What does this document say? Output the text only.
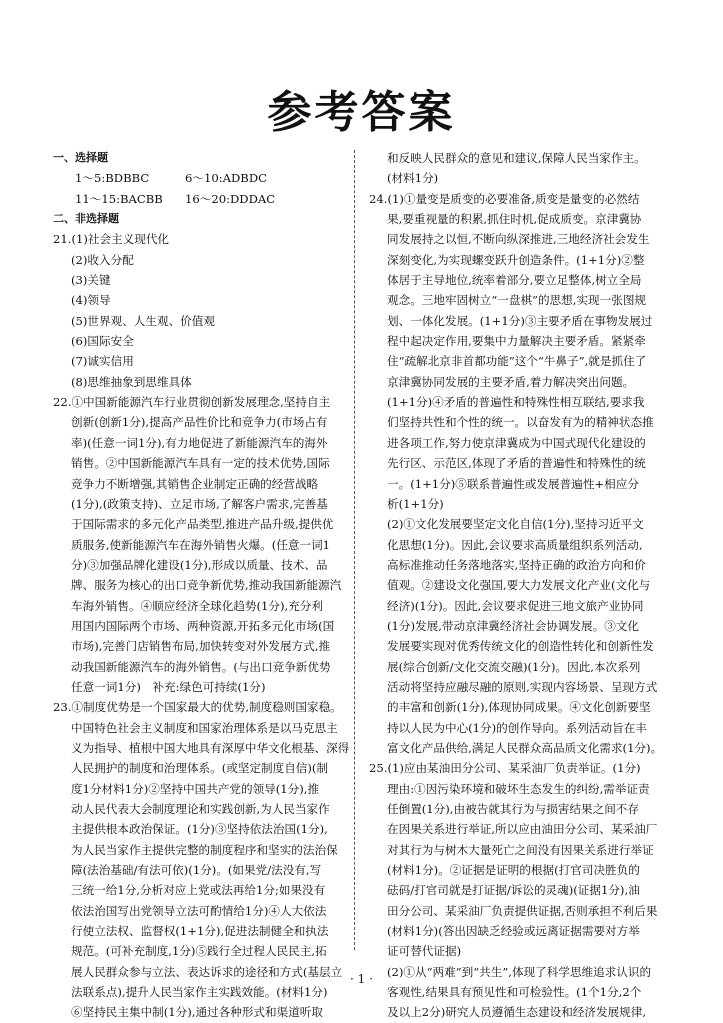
参考答案
一、选择题
1～5:BDBBC	6～10:ADBDC
11～15:BACBB 16～20:DDDAC
二、非选择题
21.(1)社会主义现代化
(2)收入分配
(3)关键
(4)领导
(5)世界观、人生观、价值观
(6)国际安全
(7)诚实信用
(8)思维抽象到思维具体
22.①中国新能源汽车行业贯彻创新发展理念,坚持自主
创新(创新1分),提高产品性价比和竞争力(市场占有
率)(任意一词1分),有力地促进了新能源汽车的海外
销售。②中国新能源汽车具有一定的技术优势,国际
竞争力不断增强,其销售企业制定正确的经营战略
(1分),(政策支持)、立足市场,了解客户需求,完善基
于国际需求的多元化产品类型,推进产品升级,提供优
质服务,使新能源汽车在海外销售火爆。(任意一词1
分)③加强品牌化建设(1分),形成以质量、技术、品
牌、服务为核心的出口竞争新优势,推动我国新能源汽
车海外销售。④顺应经济全球化趋势(1分),充分利
用国内国际两个市场、两种资源,开拓多元化市场(国
市场),完善门店销售布局,加快转变对外发展方式,推
动我国新能源汽车的海外销售。(与出口竞争新优势
任意一词1分)　补充:绿色可持续(1分)
23.①制度优势是一个国家最大的优势,制度稳则国家稳。
中国特色社会主义制度和国家治理体系是以马克思主
义为指导、植根中国大地具有深厚中华文化根基、深得
人民拥护的制度和治理体系。(或坚定制度自信)(制
度1分材料1分)②坚持中国共产党的领导(1分),推
动人民代表大会制度理论和实践创新,为人民当家作
主提供根本政治保证。(1分)③坚持依法治国(1分),
为人民当家作主提供完整的制度程序和坚实的法治保
障(法治基础/有法可依)(1分)。(如果党/法没有,写
三统一给1分,分析对应上党或法再给1分;如果没有
依法治国写出党领导立法可酌情给1分)④人大依法
行使立法权、监督权(1+1分),促进法制健全和执法
规范。(可补充制度,1分)⑤践行全过程人民民主,拓
展人民群众参与立法、表达诉求的途径和方式(基层立
法联系点),提升人民当家作主实践效能。(材料1分)
⑥坚持民主集中制(1分),通过各种形式和渠道听取
和反映人民群众的意见和建议,保障人民当家作主。
(材料1分)
24.(1)①量变是质变的必要准备,质变是量变的必然结
果,要重视量的积累,抓住时机,促成质变。京津冀协
同发展持之以恒,不断向纵深推进,三地经济社会发生
深刻变化,为实现螺变跃升创造条件。(1+1分)②整
体居于主导地位,统率着部分,要立足整体,树立全局
观念。三地牢固树立“一盘棋”的思想,实现一张图规
划、一体化发展。(1+1分)③主要矛盾在事物发展过
程中起决定作用,要集中力量解决主要矛盾。紧紧牵
住“疏解北京非首都功能”这个“牛鼻子”,就是抓住了
京津冀协同发展的主要矛盾,着力解决突出问题。
(1+1分)④矛盾的普遍性和特殊性相互联结,要求我
们坚持共性和个性的统一。以奋发有为的精神状态推
进各项工作,努力使京津冀成为中国式现代化建设的
先行区、示范区,体现了矛盾的普遍性和特殊性的统
一。(1+1分)⑤联系普遍性或发展普遍性+相应分
析(1+1分)
(2)①文化发展要坚定文化自信(1分),坚持习近平文
化思想(1分)。因此,会议要求高质量组织系列活动,
高标准推动任务落地落实,坚持正确的政治方向和价
值观。②建设文化强国,要大力发展文化产业(文化与
经济)(1分)。因此,会议要求促进三地文旅产业协同
(1分)发展,带动京津冀经济社会协调发展。③文化
发展要实现对优秀传统文化的创造性转化和创新性发
展(综合创新/文化交流交融)(1分)。因此,本次系列
活动将坚持应融尽融的原则,实现内容场景、呈现方式
的丰富和创新(1分),体现协同成果。④文化创新要坚
持以人民为中心(1分)的创作导向。系列活动旨在丰
富文化产品供给,满足人民群众高品质文化需求(1分)。
25.(1)应由某油田分公司、某采油厂负责举证。(1分)
理由:①因污染环境和破坏生态发生的纠纷,需举证责
任倒置(1分),由被告就其行为与损害结果之间不存
在因果关系进行举证,所以应由油田分公司、某采油厂
对其行为与树木大量死亡之间没有因果关系进行举证
(材料1分)。②证据是证明的根据(打官司决胜负的
砝码/打官司就是打证据/诉讼的灵魂)(证据1分),油
田分公司、某采油厂负责提供证据,否则承担不利后果
(材料1分)(答出因缺乏经验或远离证据需要对方举
证可替代证据)
(2)①从“两难”到“共生”,体现了科学思维追求认识的
客观性,结果具有预见性和可检验性。(1个1分,2个
及以上2分)研究人员遵循生态建设和经济发展规律,
· 1 ·
